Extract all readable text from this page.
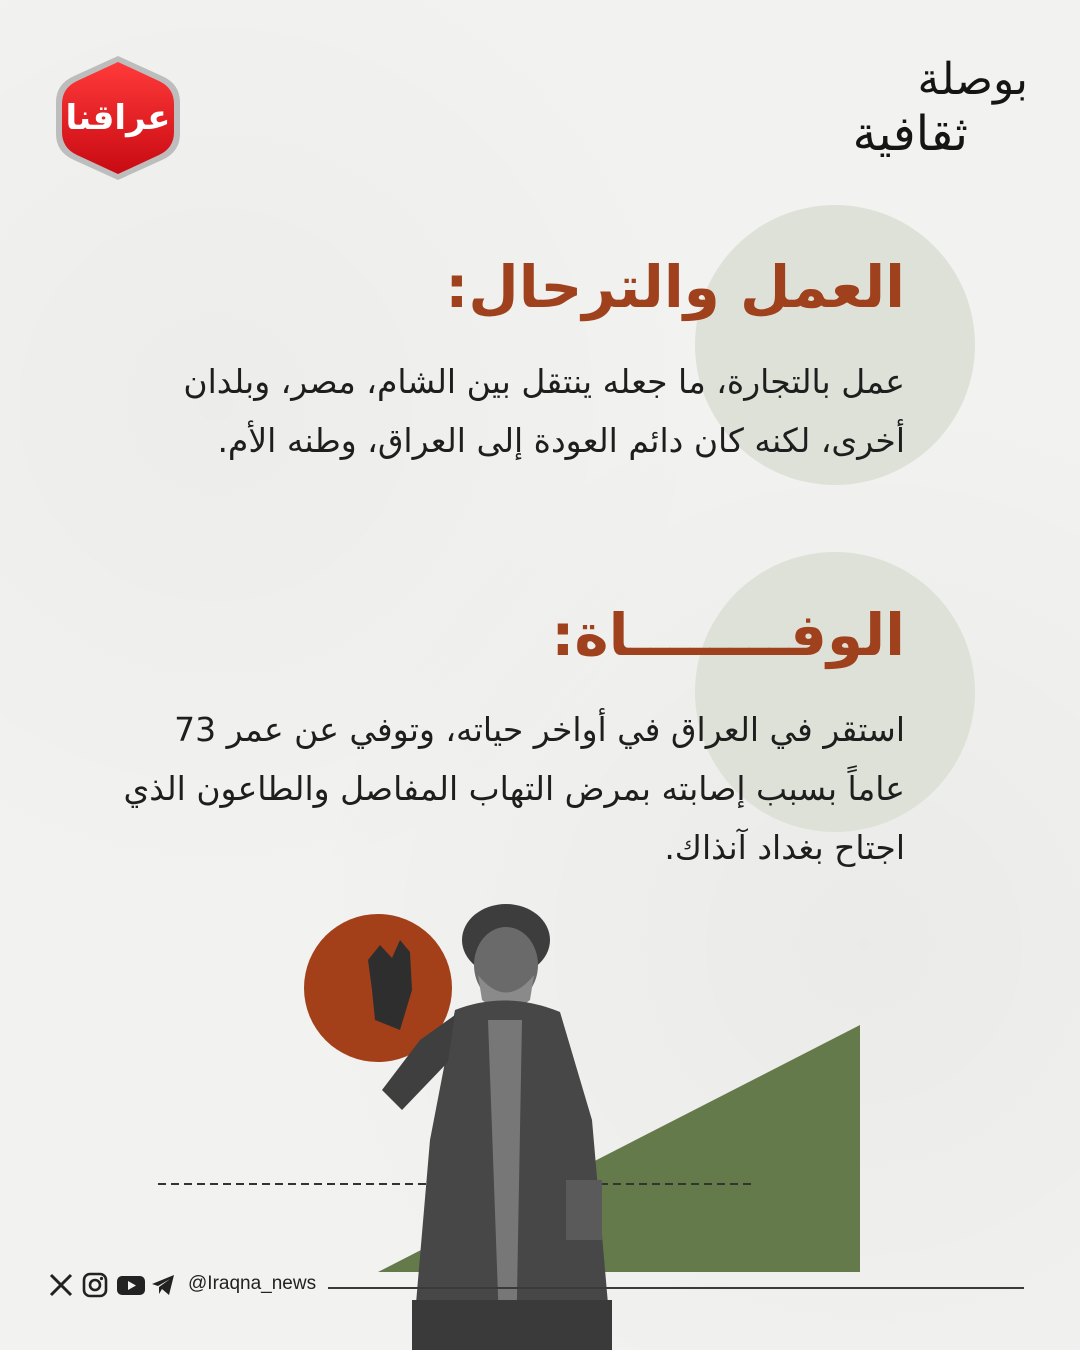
عراقنا
بوصلة
ثقافية
العمل والترحال:
عمل بالتجارة، ما جعله ينتقل بين الشام، مصر، وبلدان أخرى، لكنه كان دائم العودة إلى العراق، وطنه الأم.
الوفــــــــاة:
استقر في العراق في أواخر حياته، وتوفي عن عمر 73 عاماً بسبب إصابته بمرض التهاب المفاصل والطاعون الذي اجتاح بغداد آنذاك.
@Iraqna_news
